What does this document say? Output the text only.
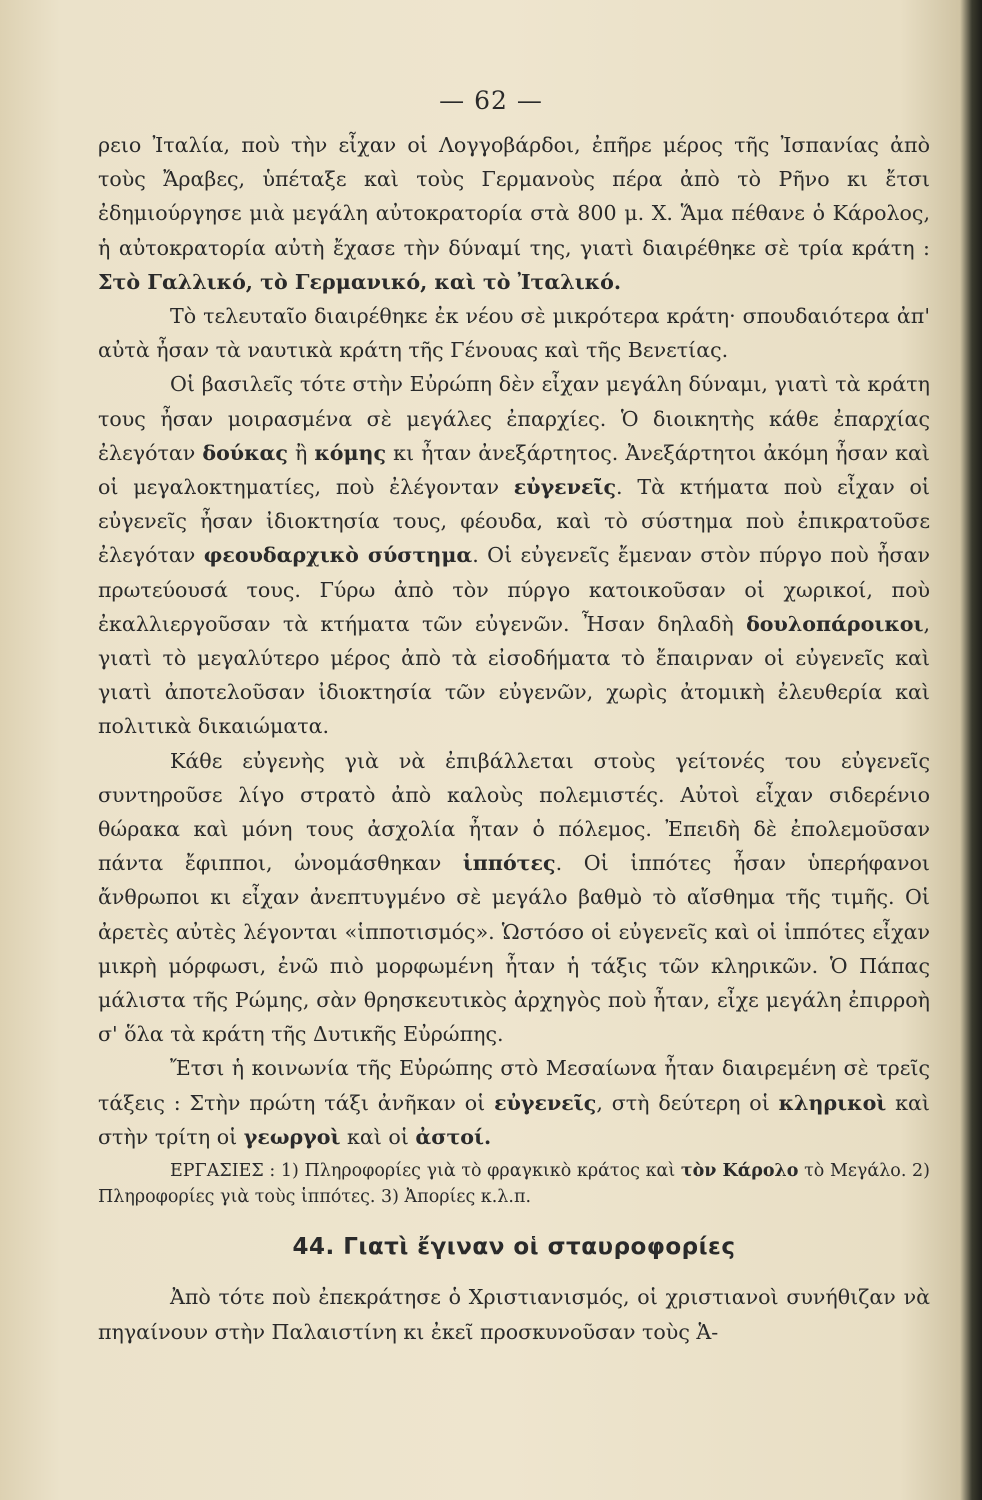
— 62 —

ρειο Ἰταλία, ποὺ τὴν εἶχαν οἱ Λογγοβάρδοι, ἐπῆρε μέρος τῆς Ἰσπανίας ἀπὸ τοὺς Ἄραβες, ὑπέταξε καὶ τοὺς Γερμανοὺς πέρα ἀπὸ τὸ Ρῆνο κι ἔτσι ἐδημιούργησε μιὰ μεγάλη αὐτοκρατορία στὰ 800 μ. Χ. Ἅμα πέθανε ὁ Κάρολος, ἡ αὐτοκρατορία αὐτὴ ἔχασε τὴν δύναμί της, γιατὶ διαιρέθηκε σὲ τρία κράτη : Στὸ Γαλλικό, τὸ Γερμανικό, καὶ τὸ Ἰταλικό.

Τὸ τελευταῖο διαιρέθηκε ἐκ νέου σὲ μικρότερα κράτη· σπουδαιότερα ἀπ' αὐτὰ ἦσαν τὰ ναυτικὰ κράτη τῆς Γένουας καὶ τῆς Βενετίας.

Οἱ βασιλεῖς τότε στὴν Εὐρώπη δὲν εἶχαν μεγάλη δύναμι, γιατὶ τὰ κράτη τους ἦσαν μοιρασμένα σὲ μεγάλες ἐπαρχίες. Ὁ διοικητὴς κάθε ἐπαρχίας ἐλεγόταν δούκας ἢ κόμης κι ἦταν ἀνεξάρτητος. Ἀνεξάρτητοι ἀκόμη ἦσαν καὶ οἱ μεγαλοκτηματίες, ποὺ ἐλέγονταν εὐγενεῖς. Τὰ κτήματα ποὺ εἶχαν οἱ εὐγενεῖς ἦσαν ἰδιοκτησία τους, φέουδα, καὶ τὸ σύστημα ποὺ ἐπικρατοῦσε ἐλεγόταν φεουδαρχικὸ σύστημα. Οἱ εὐγενεῖς ἔμεναν στὸν πύργο ποὺ ἦσαν πρωτεύουσά τους. Γύρω ἀπὸ τὸν πύργο κατοικοῦσαν οἱ χωρικοί, ποὺ ἐκαλλιεργοῦσαν τὰ κτήματα τῶν εὐγενῶν. Ἦσαν δηλαδὴ δουλοπάροικοι, γιατὶ τὸ μεγαλύτερο μέρος ἀπὸ τὰ εἰσοδήματα τὸ ἔπαιρναν οἱ εὐγενεῖς καὶ γιατὶ ἀποτελοῦσαν ἰδιοκτησία τῶν εὐγενῶν, χωρὶς ἀτομικὴ ἐλευθερία καὶ πολιτικὰ δικαιώματα.

Κάθε εὐγενὴς γιὰ νὰ ἐπιβάλλεται στοὺς γείτονές του εὐγενεῖς συντηροῦσε λίγο στρατὸ ἀπὸ καλοὺς πολεμιστές. Αὐτοὶ εἶχαν σιδερένιο θώρακα καὶ μόνη τους ἀσχολία ἦταν ὁ πόλεμος. Ἐπειδὴ δὲ ἐπολεμοῦσαν πάντα ἔφιπποι, ὠνομάσθηκαν ἱππότες. Οἱ ἱππότες ἦσαν ὑπερήφανοι ἄνθρωποι κι εἶχαν ἀνεπτυγμένο σὲ μεγάλο βαθμὸ τὸ αἴσθημα τῆς τιμῆς. Οἱ ἀρετὲς αὐτὲς λέγονται «ἱπποτισμός». Ὡστόσο οἱ εὐγενεῖς καὶ οἱ ἱππότες εἶχαν μικρὴ μόρφωσι, ἐνῶ πιὸ μορφωμένη ἦταν ἡ τάξις τῶν κληρικῶν. Ὁ Πάπας μάλιστα τῆς Ρώμης, σὰν θρησκευτικὸς ἀρχηγὸς ποὺ ἦταν, εἶχε μεγάλη ἐπιρροὴ σ' ὅλα τὰ κράτη τῆς Δυτικῆς Εὐρώπης.

Ἔτσι ἡ κοινωνία τῆς Εὐρώπης στὸ Μεσαίωνα ἦταν διαιρεμένη σὲ τρεῖς τάξεις : Στὴν πρώτη τάξι ἀνῆκαν οἱ εὐγενεῖς, στὴ δεύτερη οἱ κληρικοὶ καὶ στὴν τρίτη οἱ γεωργοὶ καὶ οἱ ἀστοί.

ΕΡΓΑΣΙΕΣ : 1) Πληροφορίες γιὰ τὸ φραγκικὸ κράτος καὶ τὸν Κάρολο τὸ Μεγάλο. 2) Πληροφορίες γιὰ τοὺς ἱππότες. 3) Ἀπορίες κ.λ.π.

44. Γιατὶ ἔγιναν οἱ σταυροφορίες

Ἀπὸ τότε ποὺ ἐπεκράτησε ὁ Χριστιανισμός, οἱ χριστιανοὶ συνήθιζαν νὰ πηγαίνουν στὴν Παλαιστίνη κι ἐκεῖ προσκυνοῦσαν τοὺς Ἁ-
